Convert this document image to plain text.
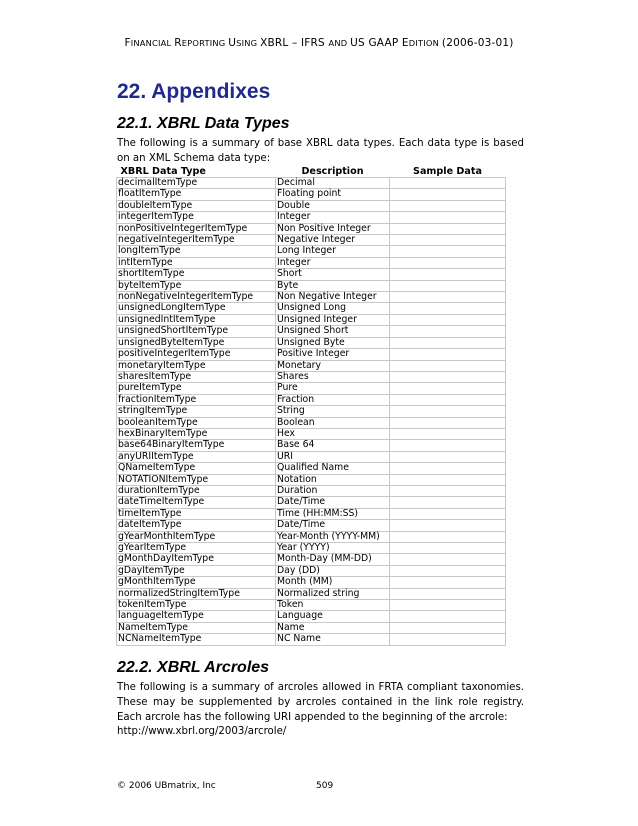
FINANCIAL REPORTING USING XBRL – IFRS AND US GAAP EDITION (2006-03-01)
22. Appendixes
22.1. XBRL Data Types

The following is a summary of base XBRL data types. Each data type is based on an XML Schema data type:

XBRL Data Type	Description	Sample Data
decimalItemType	Decimal	
floatItemType	Floating point	
doubleItemType	Double	
integerItemType	Integer	
nonPositiveIntegerItemType	Non Positive Integer	
negativeIntegerItemType	Negative Integer	
longItemType	Long Integer	
intItemType	Integer	
shortItemType	Short	
byteItemType	Byte	
nonNegativeIntegerItemType	Non Negative Integer	
unsignedLongItemType	Unsigned Long	
unsignedIntItemType	Unsigned Integer	
unsignedShortItemType	Unsigned Short	
unsignedByteItemType	Unsigned Byte	
positiveIntegerItemType	Positive Integer	
monetaryItemType	Monetary	
sharesItemType	Shares	
pureItemType	Pure	
fractionItemType	Fraction	
stringItemType	String	
booleanItemType	Boolean	
hexBinaryItemType	Hex	
base64BinaryItemType	Base 64	
anyURIItemType	URI	
QNameItemType	Qualified Name	
NOTATIONItemType	Notation	
durationItemType	Duration	
dateTimeItemType	Date/Time	
timeItemType	Time (HH:MM:SS)	
dateItemType	Date/Time	
gYearMonthItemType	Year-Month (YYYY-MM)	
gYearItemType	Year (YYYY)	
gMonthDayItemType	Month-Day (MM-DD)	
gDayItemType	Day (DD)	
gMonthItemType	Month (MM)	
normalizedStringItemType	Normalized string	
tokenItemType	Token	
languageItemType	Language	
NameItemType	Name	
NCNameItemType	NC Name	
22.2. XBRL Arcroles

The following is a summary of arcroles allowed in FRTA compliant taxonomies. These may be supplemented by arcroles contained in the link role registry. Each arcrole has the following URI appended to the beginning of the arcrole:

http://www.xbrl.org/2003/arcrole/
© 2006 UBmatrix, Inc	509
